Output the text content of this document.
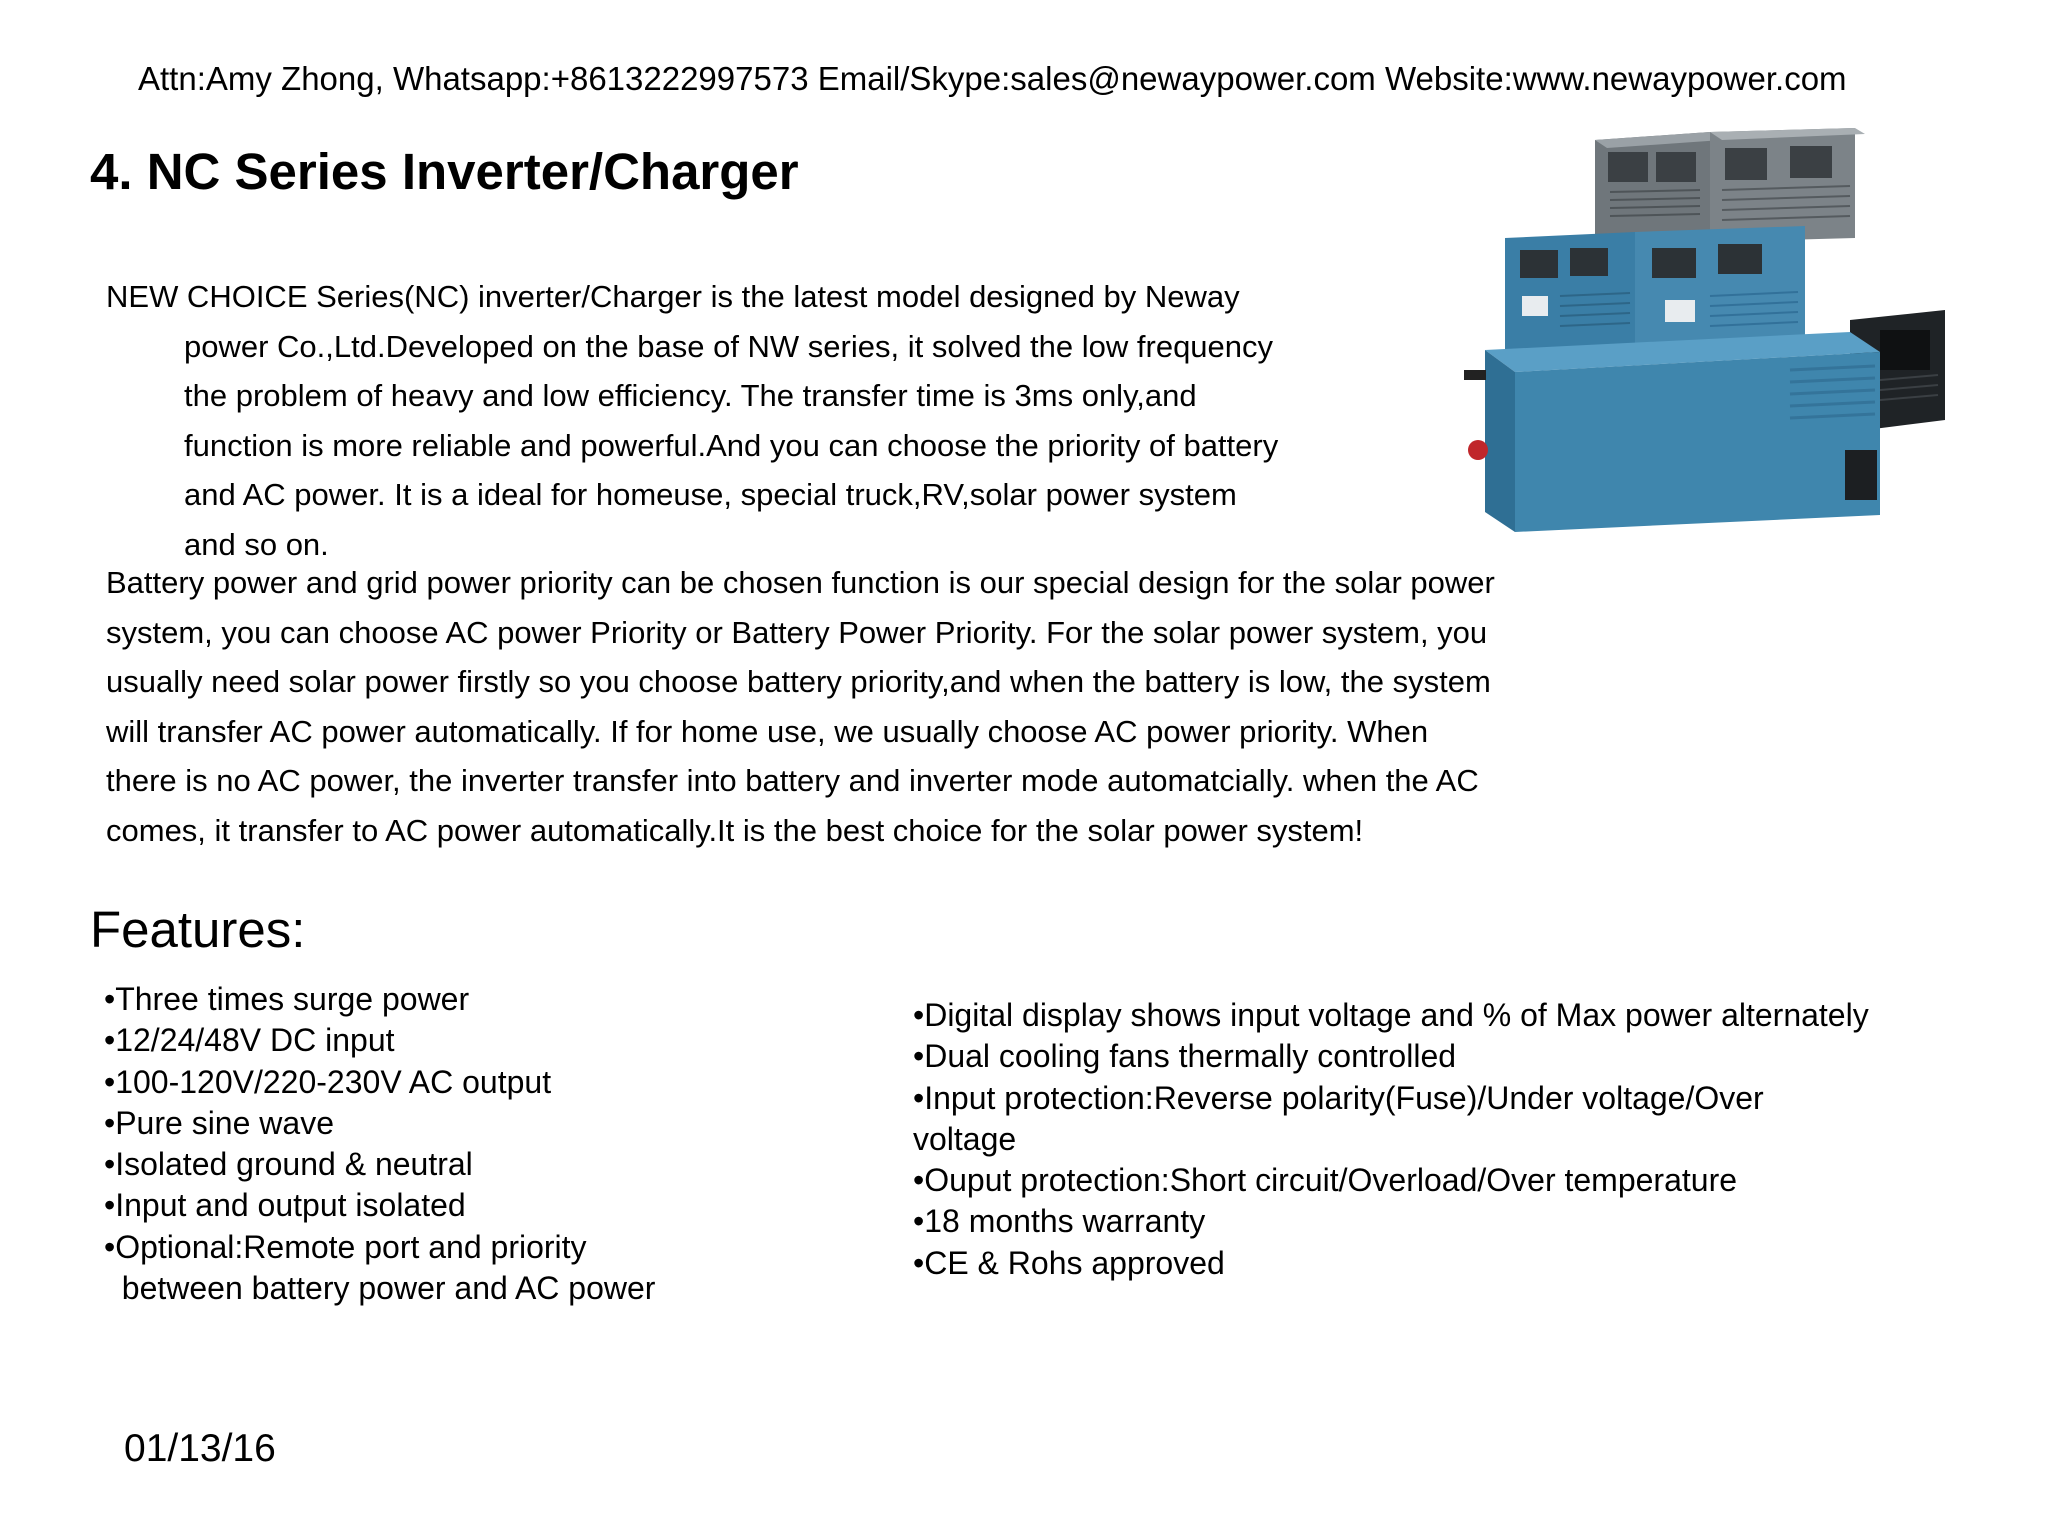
Attn:Amy Zhong, Whatsapp:+8613222997573 Email/Skype:sales@newaypower.com Website:www.newaypower.com
4. NC Series Inverter/Charger
NEW CHOICE Series(NC) inverter/Charger is the latest model designed by Neway
power Co.,Ltd.Developed on the base of NW series, it solved the low frequency
the problem of heavy and low efficiency. The transfer time is 3ms only,and
function is more reliable and powerful.And you can choose the priority of battery
and AC power. It is a ideal for homeuse, special truck,RV,solar power system
and so on.
Battery power and grid power priority can be chosen function is our special design for the solar power
system, you can choose AC power Priority or Battery Power Priority. For the solar power system, you
usually need solar power firstly so you choose battery priority,and when the battery is low, the system
will transfer AC power automatically. If for home use, we usually choose AC power priority. When
there is no AC power, the inverter transfer into battery and inverter mode automatcially. when the AC
comes, it transfer to AC power automatically.It is the best choice for the solar power system!
Features:
•Three times surge power
•12/24/48V DC input
•100-120V/220-230V AC output
•Pure sine wave
•Isolated ground & neutral
•Input and output isolated
•Optional:Remote port and priority
between battery power and AC power
•Digital display shows input voltage and % of Max power alternately
•Dual cooling fans thermally controlled
•Input protection:Reverse polarity(Fuse)/Under voltage/Over
voltage
•Ouput protection:Short circuit/Overload/Over temperature
•18 months warranty
•CE & Rohs approved
01/13/16
